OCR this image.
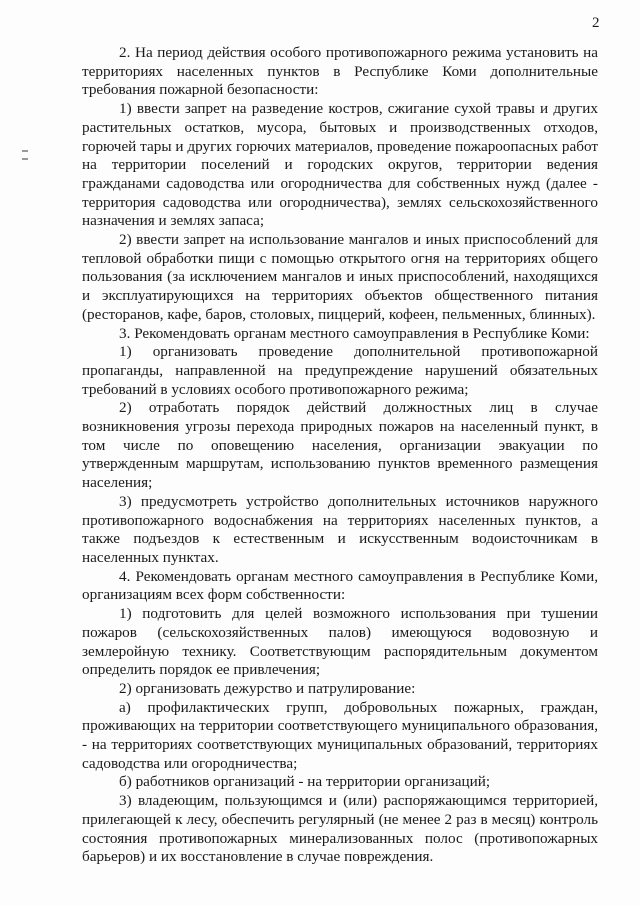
2

2. На период действия особого противопожарного режима установить на территориях населенных пунктов в Республике Коми дополнительные требования пожарной безопасности:

1) ввести запрет на разведение костров, сжигание сухой травы и других растительных остатков, мусора, бытовых и производственных отходов, горючей тары и других горючих материалов, проведение пожароопасных работ на территории поселений и городских округов, территории ведения гражданами садоводства или огородничества для собственных нужд (далее - территория садоводства или огородничества), землях сельскохозяйственного назначения и землях запаса;

2) ввести запрет на использование мангалов и иных приспособлений для тепловой обработки пищи с помощью открытого огня на территориях общего пользования (за исключением мангалов и иных приспособлений, находящихся и эксплуатирующихся на территориях объектов общественного питания (ресторанов, кафе, баров, столовых, пиццерий, кофеен, пельменных, блинных).

3. Рекомендовать органам местного самоуправления в Республике Коми:

1) организовать проведение дополнительной противопожарной пропаганды, направленной на предупреждение нарушений обязательных требований в условиях особого противопожарного режима;

2) отработать порядок действий должностных лиц в случае возникновения угрозы перехода природных пожаров на населенный пункт, в том числе по оповещению населения, организации эвакуации по утвержденным маршрутам, использованию пунктов временного размещения населения;

3) предусмотреть устройство дополнительных источников наружного противопожарного водоснабжения на территориях населенных пунктов, а также подъездов к естественным и искусственным водоисточникам в населенных пунктах.

4. Рекомендовать органам местного самоуправления в Республике Коми, организациям всех форм собственности:

1) подготовить для целей возможного использования при тушении пожаров (сельскохозяйственных палов) имеющуюся водовозную и землеройную технику. Соответствующим распорядительным документом определить порядок ее привлечения;

2) организовать дежурство и патрулирование:

а) профилактических групп, добровольных пожарных, граждан, проживающих на территории соответствующего муниципального образования, - на территориях соответствующих муниципальных образований, территориях садоводства или огородничества;

б) работников организаций - на территории организаций;

3) владеющим, пользующимся и (или) распоряжающимся территорией, прилегающей к лесу, обеспечить регулярный (не менее 2 раз в месяц) контроль состояния противопожарных минерализованных полос (противопожарных барьеров) и их восстановление в случае повреждения.
